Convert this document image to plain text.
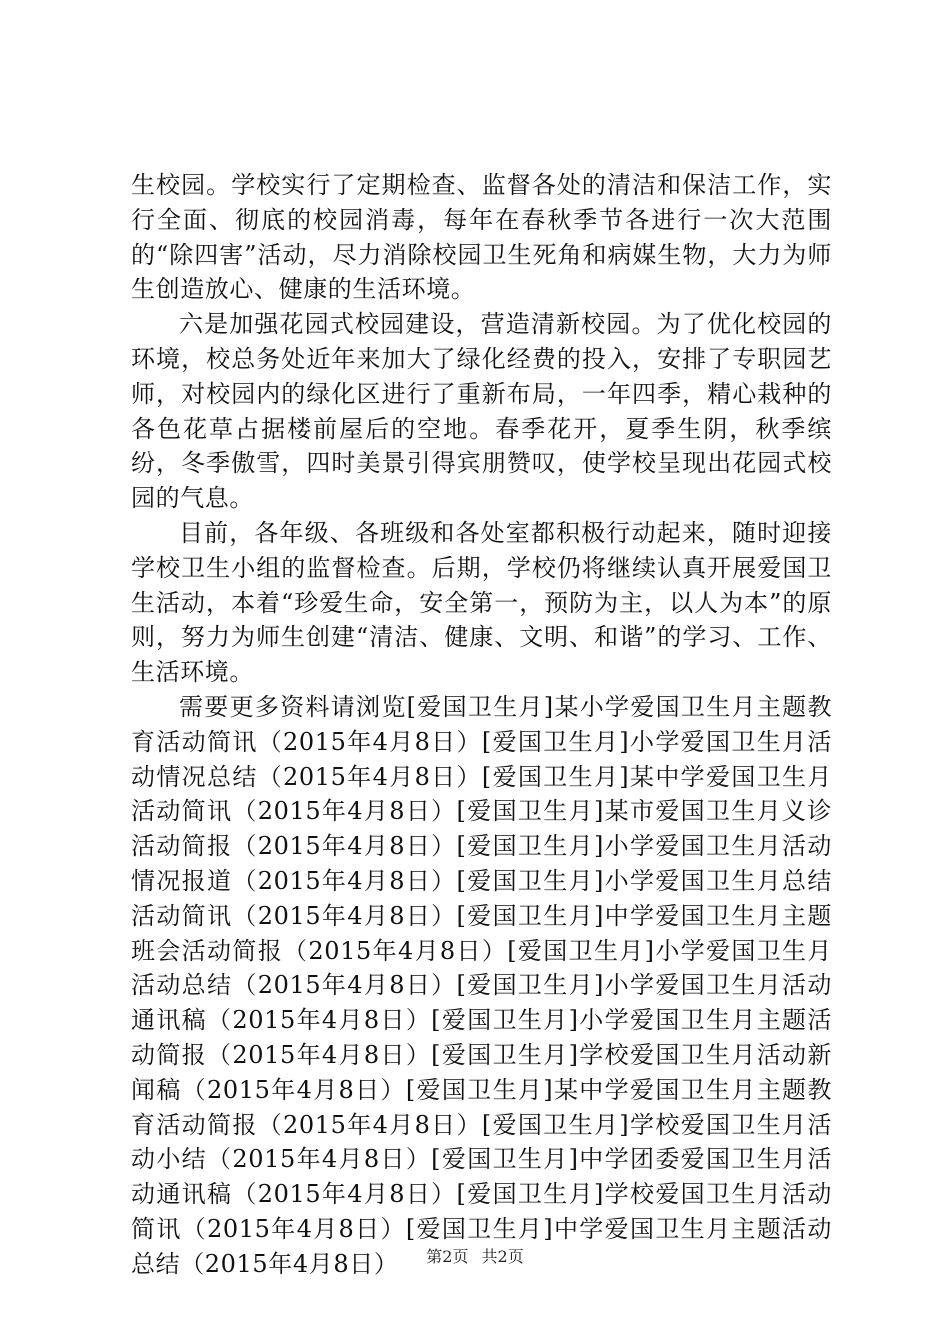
生校园。学校实行了定期检查、监督各处的清洁和保洁工作，实行全面、彻底的校园消毒，每年在春秋季节各进行一次大范围的“除四害”活动，尽力消除校园卫生死角和病媒生物，大力为师生创造放心、健康的生活环境。

六是加强花园式校园建设，营造清新校园。为了优化校园的环境，校总务处近年来加大了绿化经费的投入，安排了专职园艺师，对校园内的绿化区进行了重新布局，一年四季，精心栽种的各色花草占据楼前屋后的空地。春季花开，夏季生阴，秋季缤纷，冬季傲雪，四时美景引得宾朋赞叹，使学校呈现出花园式校园的气息。

目前，各年级、各班级和各处室都积极行动起来，随时迎接学校卫生小组的监督检查。后期，学校仍将继续认真开展爱国卫生活动，本着“珍爱生命，安全第一，预防为主，以人为本”的原则，努力为师生创建“清洁、健康、文明、和谐”的学习、工作、生活环境。

需要更多资料请浏览[爱国卫生月]某小学爱国卫生月主题教育活动简讯（2015年4月8日）[爱国卫生月]小学爱国卫生月活动情况总结（2015年4月8日）[爱国卫生月]某中学爱国卫生月活动简讯（2015年4月8日）[爱国卫生月]某市爱国卫生月义诊活动简报（2015年4月8日）[爱国卫生月]小学爱国卫生月活动情况报道（2015年4月8日）[爱国卫生月]小学爱国卫生月总结活动简讯（2015年4月8日）[爱国卫生月]中学爱国卫生月主题班会活动简报（2015年4月8日）[爱国卫生月]小学爱国卫生月活动总结（2015年4月8日）[爱国卫生月]小学爱国卫生月活动通讯稿（2015年4月8日）[爱国卫生月]小学爱国卫生月主题活动简报（2015年4月8日）[爱国卫生月]学校爱国卫生月活动新闻稿（2015年4月8日）[爱国卫生月]某中学爱国卫生月主题教育活动简报（2015年4月8日）[爱国卫生月]学校爱国卫生月活动小结（2015年4月8日）[爱国卫生月]中学团委爱国卫生月活动通讯稿（2015年4月8日）[爱国卫生月]学校爱国卫生月活动简讯（2015年4月8日）[爱国卫生月]中学爱国卫生月主题活动总结（2015年4月8日）	第2页 共2页
